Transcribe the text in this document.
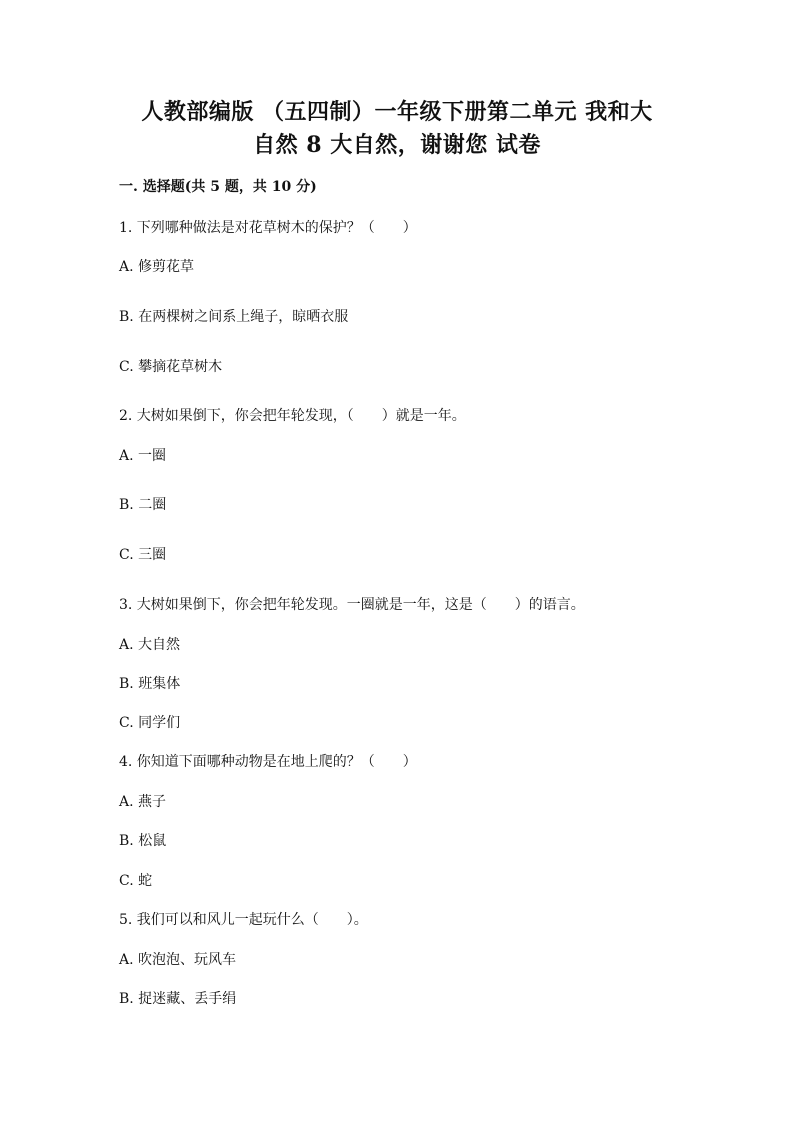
人教部编版 （五四制）一年级下册第二单元 我和大
自然 8 大自然，谢谢您 试卷
一. 选择题(共 5 题，共 10 分)
1. 下列哪种做法是对花草树木的保护？（　　）
A. 修剪花草
B. 在两棵树之间系上绳子，晾晒衣服
C. 攀摘花草树木
2. 大树如果倒下，你会把年轮发现，（　　）就是一年。
A. 一圈
B. 二圈
C. 三圈
3. 大树如果倒下，你会把年轮发现。一圈就是一年，这是（　　）的语言。
A. 大自然
B. 班集体
C. 同学们
4. 你知道下面哪种动物是在地上爬的？（　　）
A. 燕子
B. 松鼠
C. 蛇
5. 我们可以和风儿一起玩什么（　　）。
A. 吹泡泡、玩风车
B. 捉迷藏、丢手绢
